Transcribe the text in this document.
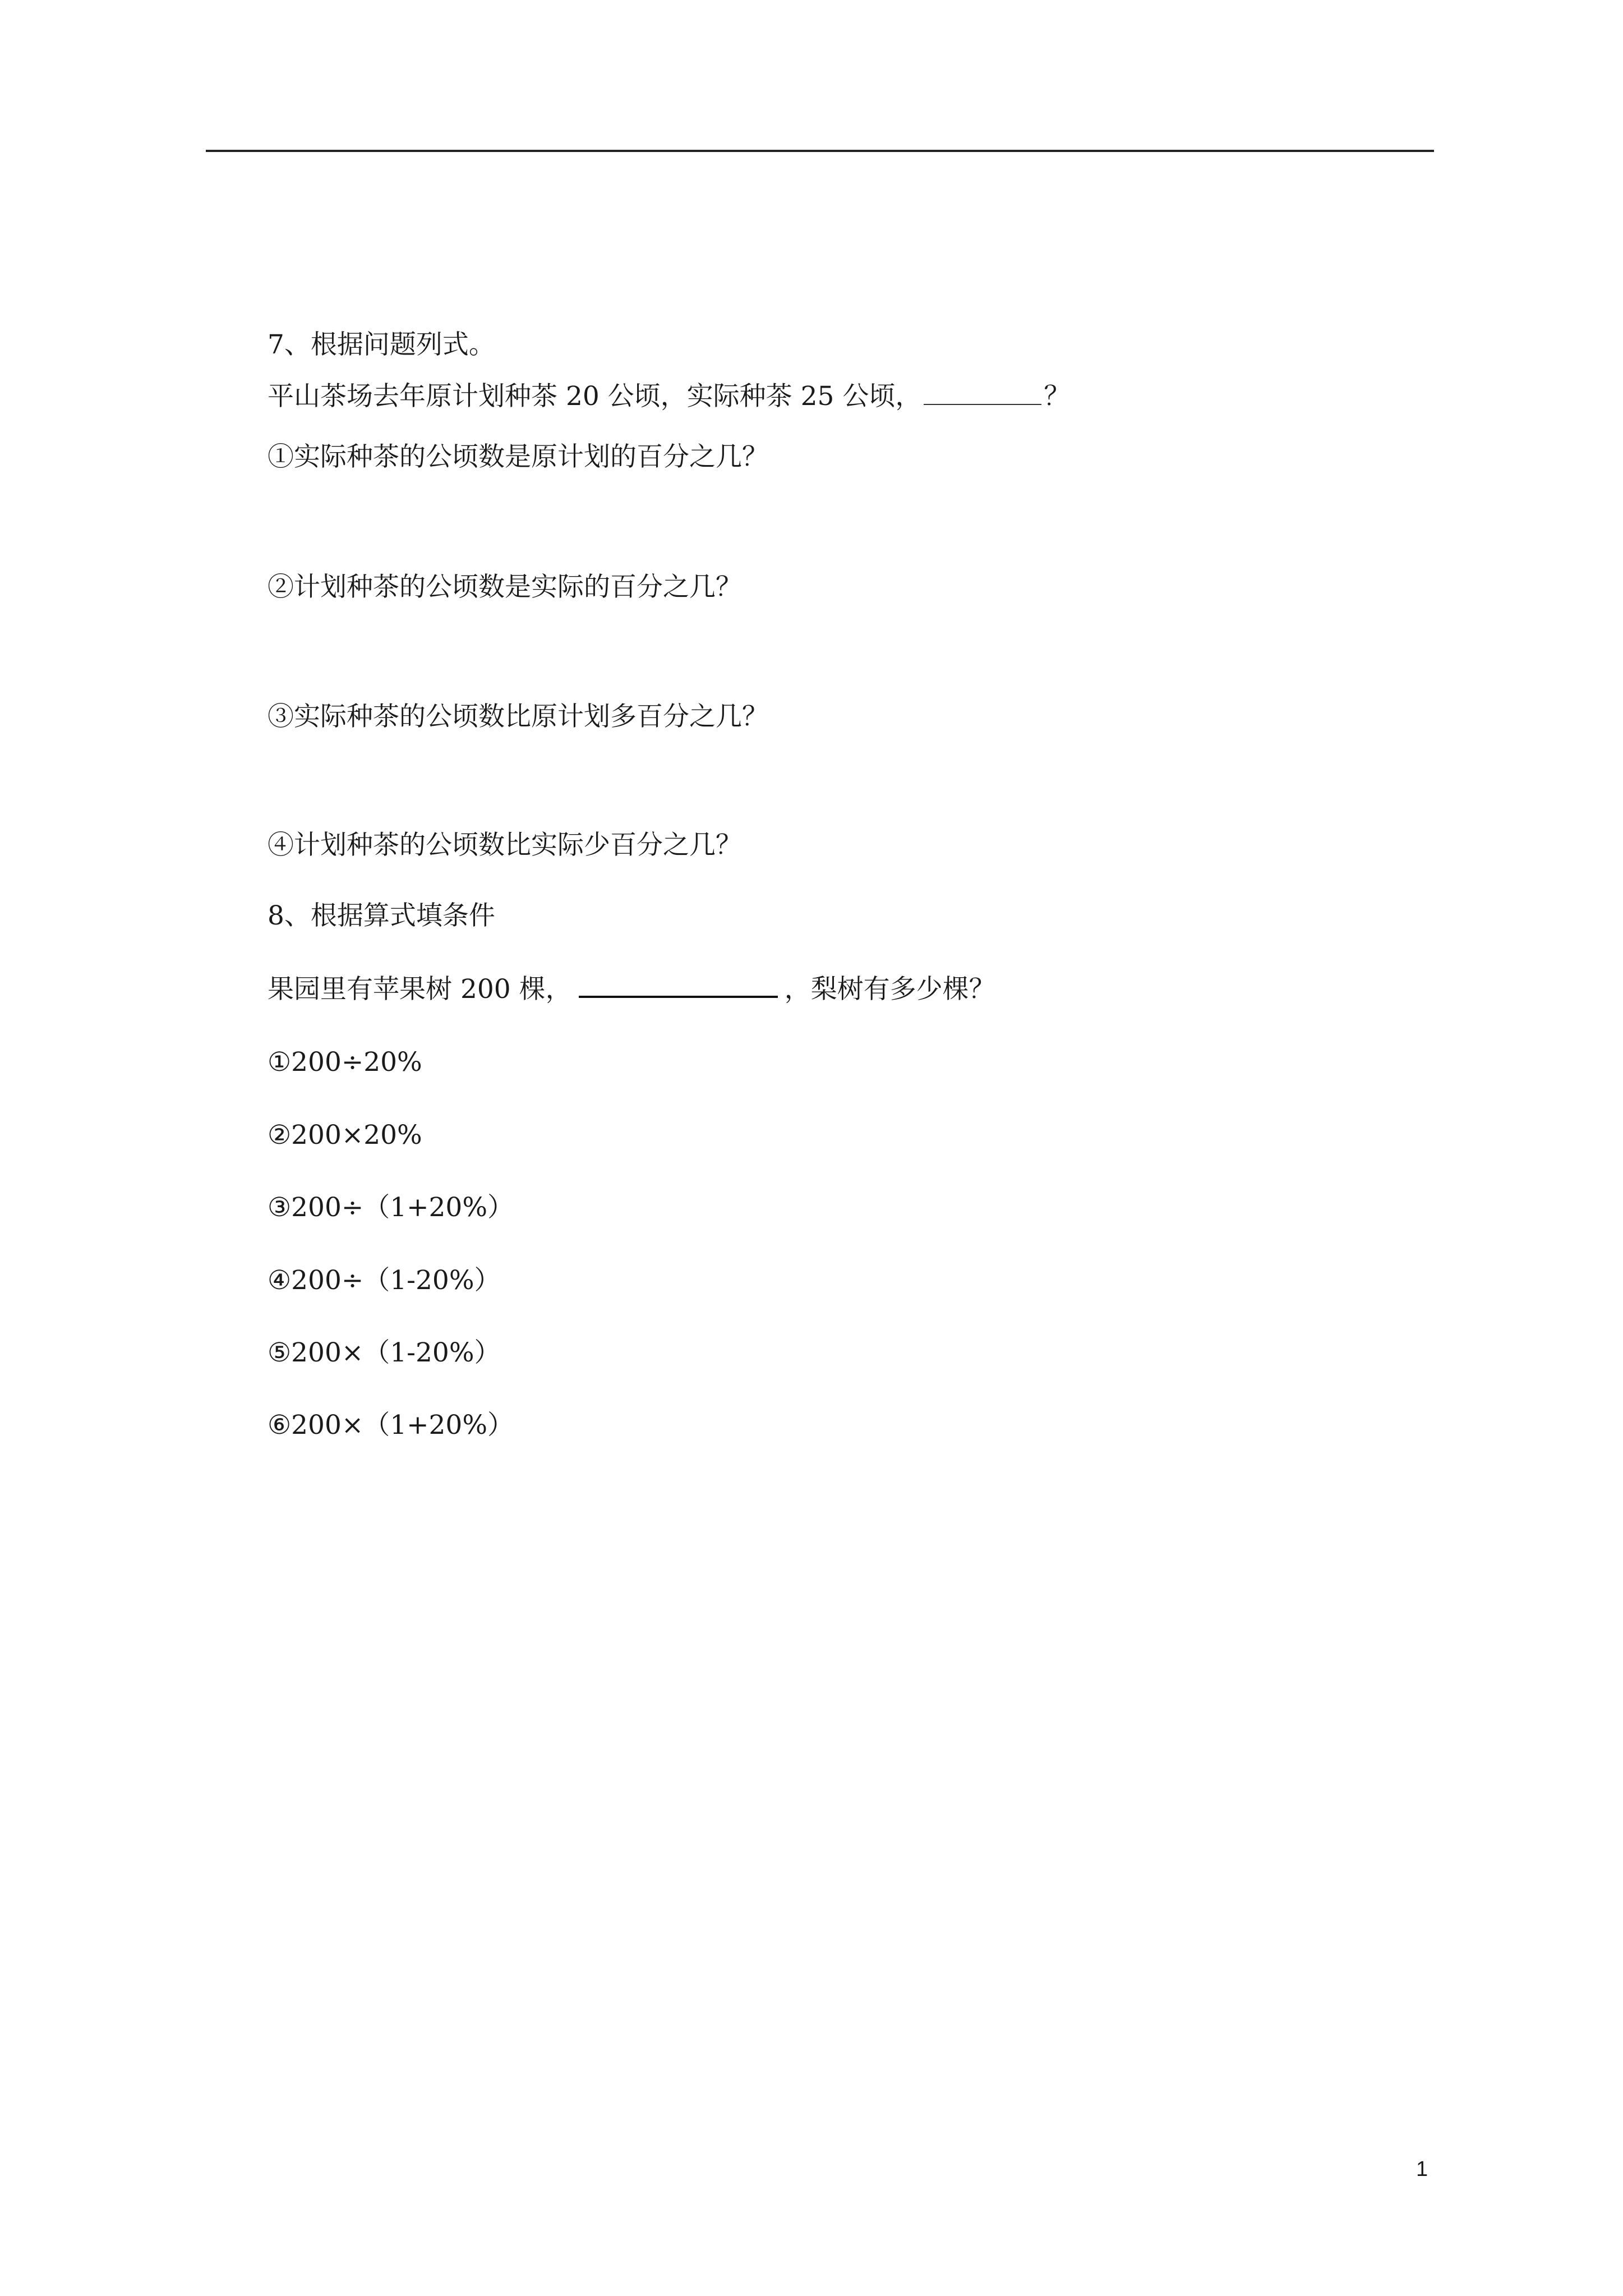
7、根据问题列式。
平山茶场去年原计划种茶 20 公顷，实际种茶 25 公顷，	？
①实际种茶的公顷数是原计划的百分之几？
②计划种茶的公顷数是实际的百分之几？
③实际种茶的公顷数比原计划多百分之几？
④计划种茶的公顷数比实际少百分之几？
8、根据算式填条件
果园里有苹果树 200 棵，	，梨树有多少棵？
①200÷20%
②200×20%
③200÷（1+20%）
④200÷（1-20%）
⑤200×（1-20%）
⑥200×（1+20%）
1
